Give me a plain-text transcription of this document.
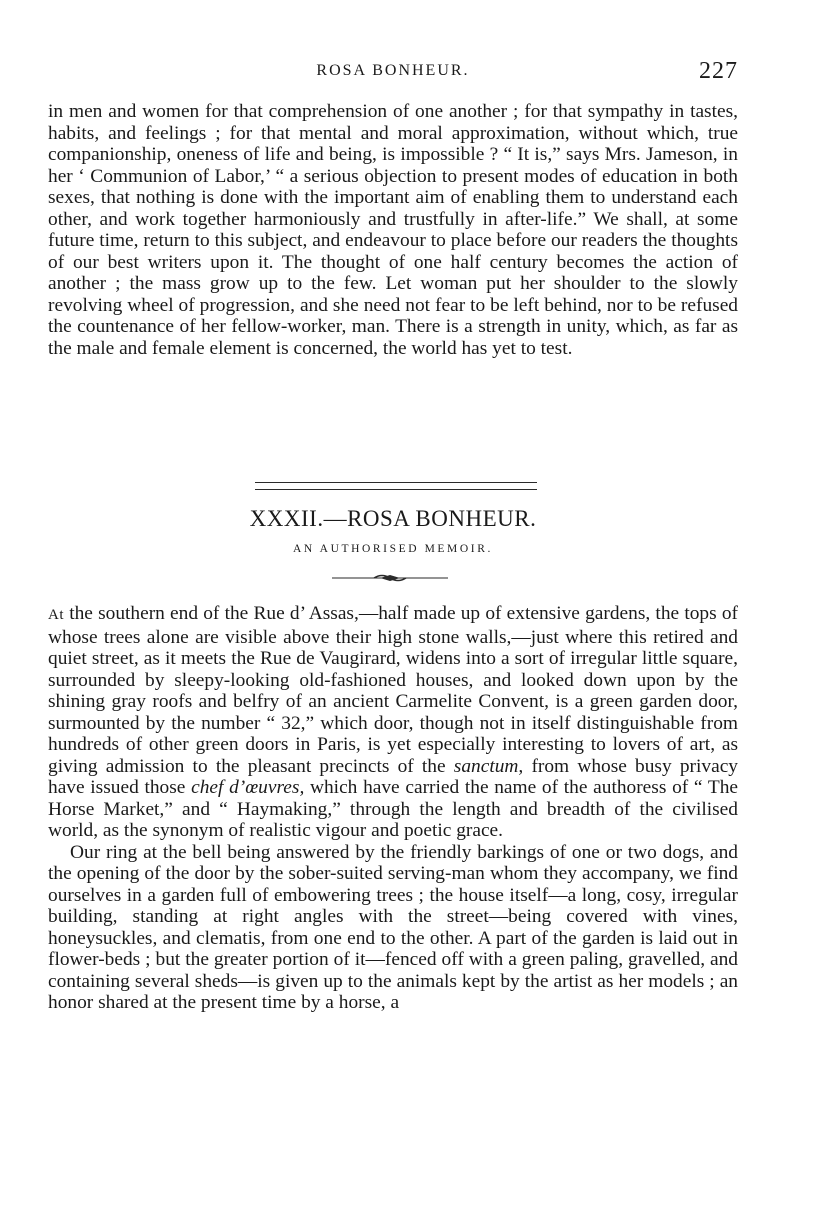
ROSA BONHEUR.	227

in men and women for that comprehension of one another ; for that sympathy in tastes, habits, and feelings ; for that mental and moral approximation, without which, true companionship, oneness of life and being, is impossible ? “ It is,” says Mrs. Jameson, in her ‘ Communion of Labor,’ “ a serious objection to present modes of education in both sexes, that nothing is done with the important aim of enabling them to understand each other, and work together harmoniously and trustfully in after-life.” We shall, at some future time, return to this subject, and endeavour to place before our readers the thoughts of our best writers upon it. The thought of one half century becomes the action of another ; the mass grow up to the few. Let woman put her shoulder to the slowly revolving wheel of progression, and she need not fear to be left behind, nor to be refused the countenance of her fellow-worker, man. There is a strength in unity, which, as far as the male and female element is concerned, the world has yet to test.

XXXII.—ROSA BONHEUR.
AN AUTHORISED MEMOIR.

At the southern end of the Rue d’ Assas,—half made up of extensive gardens, the tops of whose trees alone are visible above their high stone walls,—just where this retired and quiet street, as it meets the Rue de Vaugirard, widens into a sort of irregular little square, surrounded by sleepy-looking old-fashioned houses, and looked down upon by the shining gray roofs and belfry of an ancient Carmelite Convent, is a green garden door, surmounted by the number “ 32,” which door, though not in itself distinguishable from hundreds of other green doors in Paris, is yet especially interesting to lovers of art, as giving admission to the pleasant precincts of the sanctum, from whose busy privacy have issued those chef d’œuvres, which have carried the name of the authoress of “ The Horse Market,” and “ Haymaking,” through the length and breadth of the civilised world, as the synonym of realistic vigour and poetic grace.

Our ring at the bell being answered by the friendly barkings of one or two dogs, and the opening of the door by the sober-suited serving-man whom they accompany, we find ourselves in a garden full of embowering trees ; the house itself—a long, cosy, irregular building, standing at right angles with the street—being covered with vines, honeysuckles, and clematis, from one end to the other. A part of the garden is laid out in flower-beds ; but the greater portion of it—fenced off with a green paling, gravelled, and containing several sheds—is given up to the animals kept by the artist as her models ; an honor shared at the present time by a horse, a
